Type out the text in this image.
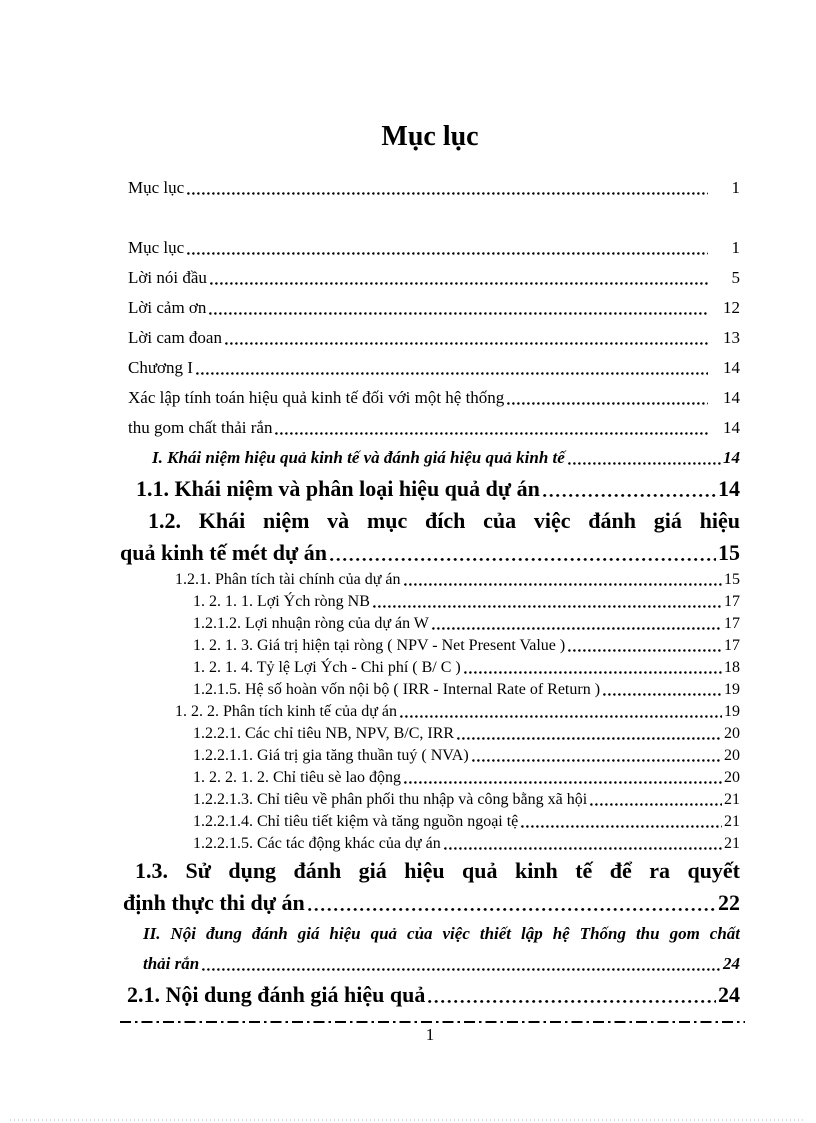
Mục lục
Mục lục	1
Mục lục	1
Lời nói đầu	5
Lời cảm ơn	12
Lời cam đoan	13
Chương I	14
Xác lập tính toán hiệu quả kinh tế đối với một hệ thống	14
thu gom chất thải rắn	14
I. Khái niệm hiệu quả kinh tế và đánh giá hiệu quả kinh tế	14
1.1. Khái niệm và phân loại hiệu quả dự án	14
1.2. Khái niệm và mục đích của việc đánh giá hiệu
quả kinh tế mét dự án	15
1.2.1. Phân tích tài chính của dự án	15
1. 2. 1. 1. Lợi Ých ròng NB	17
1.2.1.2. Lợi nhuận ròng của dự án W	17
1. 2. 1. 3. Giá trị hiện tại ròng ( NPV - Net Present Value )	17
1. 2. 1. 4. Tỷ lệ Lợi Ých - Chi phí ( B/ C )	18
1.2.1.5. Hệ số hoàn vốn nội bộ ( IRR - Internal Rate of Return )	19
1. 2. 2. Phân tích kinh tế của dự án	19
1.2.2.1. Các chỉ tiêu NB, NPV, B/C, IRR	20
1.2.2.1.1. Giá trị gia tăng thuần tuý ( NVA)	20
1. 2. 2. 1. 2. Chỉ tiêu sè lao động	20
1.2.2.1.3. Chỉ tiêu về phân phối thu nhập và công bằng xã hội	21
1.2.2.1.4. Chỉ tiêu tiết kiệm và tăng nguồn ngoại tệ	21
1.2.2.1.5. Các tác động khác của dự án	21
1.3. Sử dụng đánh giá hiệu quả kinh tế để ra quyết
định thực thi dự án	22
II. Nội đung đánh giá hiệu quả của việc thiết lập hệ Thống thu gom chất
thải rắn	24
2.1. Nội dung đánh giá hiệu quả	24
1
